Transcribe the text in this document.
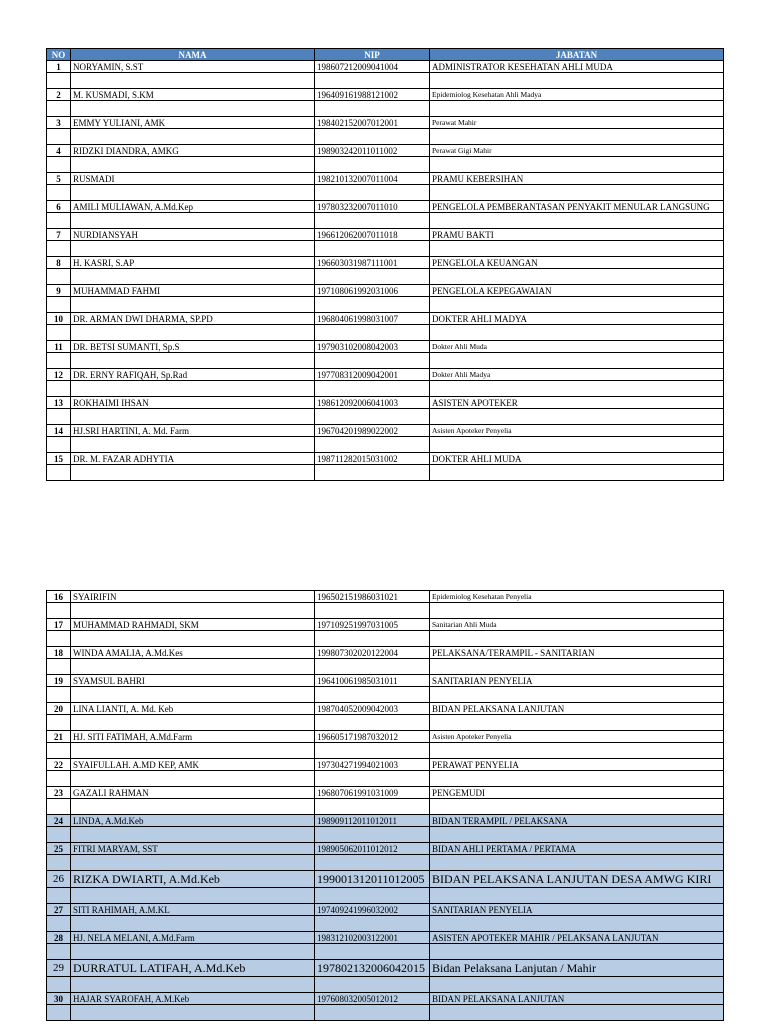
NO	NAMA	NIP	JABATAN
1	NORYAMIN, S.ST	198607212009041004	ADMINISTRATOR KESEHATAN AHLI MUDA

2	M. KUSMADI, S.KM	196409161988121002	Epidemiolog Kesehatan Ahli Madya

3	EMMY YULIANI, AMK	198402152007012001	Perawat Mahir

4	RIDZKI DIANDRA, AMKG	198903242011011002	Perawat Gigi Mahir

5	RUSMADI	198210132007011004	PRAMU KEBERSIHAN

6	AMILI MULIAWAN, A.Md.Kep	197803232007011010	PENGELOLA PEMBERANTASAN PENYAKIT MENULAR LANGSUNG

7	NURDIANSYAH	196612062007011018	PRAMU BAKTI

8	H. KASRI, S.AP	196603031987111001	PENGELOLA KEUANGAN

9	MUHAMMAD FAHMI	197108061992031006	PENGELOLA KEPEGAWAIAN

10	DR. ARMAN DWI DHARMA, SP.PD	196804061998031007	DOKTER AHLI MADYA

11	DR. BETSI SUMANTI, Sp.S	197903102008042003	Dokter Ahli Muda

12	DR. ERNY RAFIQAH, Sp.Rad	197708312009042001	Dokter Ahli Madya

13	ROKHAIMI IHSAN	198612092006041003	ASISTEN APOTEKER

14	HJ.SRI HARTINI, A. Md. Farm	196704201989022002	Asisten Apoteker Penyelia

15	DR. M. FAZAR ADHYTIA	198711282015031002	DOKTER AHLI MUDA

16	SYAIRIFIN	196502151986031021	Epidemiolog Kesehatan Penyelia

17	MUHAMMAD RAHMADI, SKM	197109251997031005	Sanitarian Ahli Muda

18	WINDA AMALIA, A.Md.Kes	199807302020122004	PELAKSANA/TERAMPIL - SANITARIAN

19	SYAMSUL BAHRI	196410061985031011	SANITARIAN PENYELIA

20	LINA LIANTI, A. Md. Keb	198704052009042003	BIDAN PELAKSANA LANJUTAN

21	HJ. SITI FATIMAH, A.Md.Farm	196605171987032012	Asisten Apoteker Penyelia

22	SYAIFULLAH. A.MD KEP, AMK	197304271994021003	PERAWAT PENYELIA

23	GAZALI RAHMAN	196807061991031009	PENGEMUDI

24	LINDA, A.Md.Keb	198909112011012011	BIDAN TERAMPIL / PELAKSANA

25	FITRI MARYAM, SST	198905062011012012	BIDAN AHLI PERTAMA / PERTAMA

26	RIZKA DWIARTI, A.Md.Keb	199001312011012005	BIDAN PELAKSANA LANJUTAN DESA AMWG KIRI

27	SITI RAHIMAH, A.M.KL	197409241996032002	SANITARIAN PENYELIA

28	HJ. NELA MELANI, A.Md.Farm	198312102003122001	ASISTEN APOTEKER MAHIR / PELAKSANA LANJUTAN

29	DURRATUL LATIFAH, A.Md.Keb	197802132006042015	Bidan Pelaksana Lanjutan / Mahir

30	HAJAR SYAROFAH, A.M.Keb	197608032005012012	BIDAN PELAKSANA LANJUTAN
